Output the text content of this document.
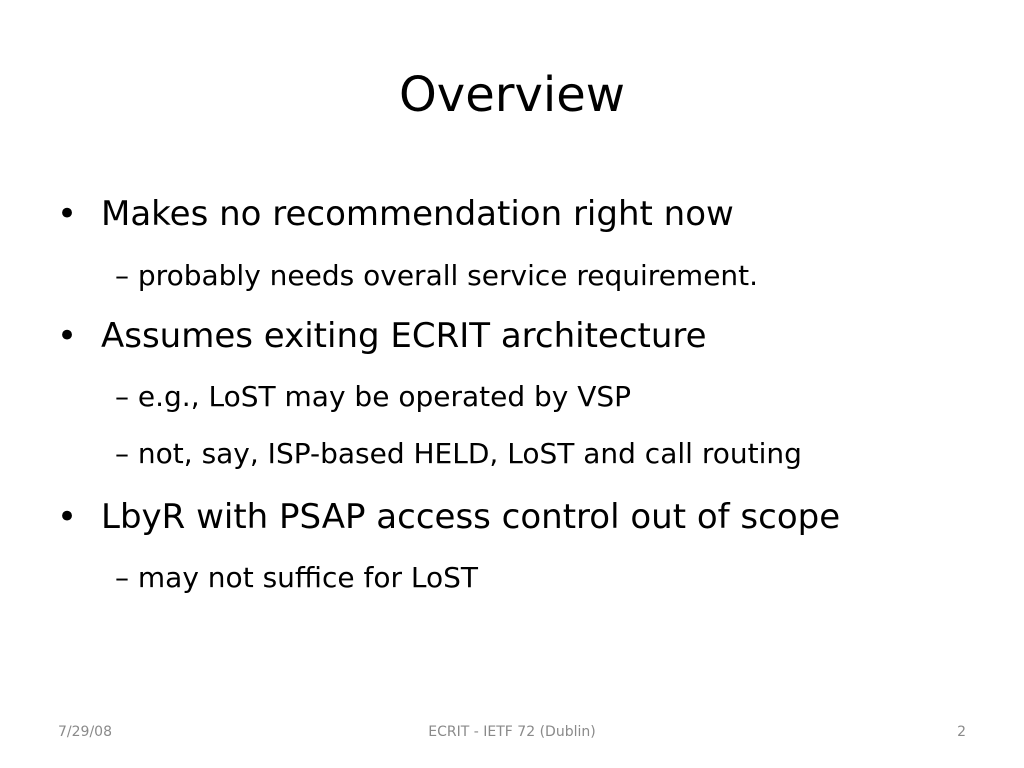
Overview
• Makes no recommendation right now
– probably needs overall service requirement.
• Assumes exiting ECRIT architecture
– e.g., LoST may be operated by VSP
– not, say, ISP-based HELD, LoST and call routing
• LbyR with PSAP access control out of scope
– may not suffice for LoST
7/29/08	ECRIT - IETF 72 (Dublin)	2
